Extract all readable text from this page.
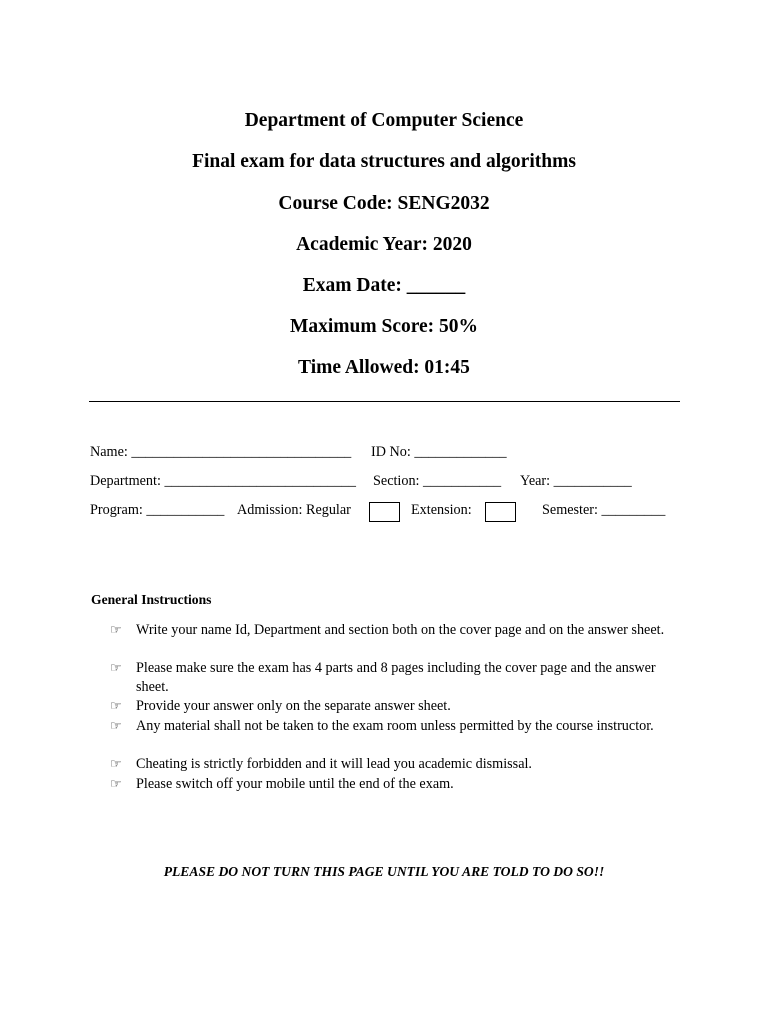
Department of Computer Science
Final exam for data structures and algorithms
Course Code: SENG2032
Academic Year: 2020
Exam Date: ______
Maximum Score: 50%
Time Allowed: 01:45
Name: _______________________________ ID No: _____________
Department: ___________________________ Section: ___________ Year: ___________
Program: ___________ Admission: Regular	Extension:	Semester: _________
General Instructions
☞ Write your name Id, Department and section both on the cover page and on the answer sheet.
☞ Please make sure the exam has 4 parts and 8 pages including the cover page and the answer sheet.
☞ Provide your answer only on the separate answer sheet.
☞ Any material shall not be taken to the exam room unless permitted by the course instructor.
☞ Cheating is strictly forbidden and it will lead you academic dismissal.
☞ Please switch off your mobile until the end of the exam.
PLEASE DO NOT TURN THIS PAGE UNTIL YOU ARE TOLD TO DO SO!!
